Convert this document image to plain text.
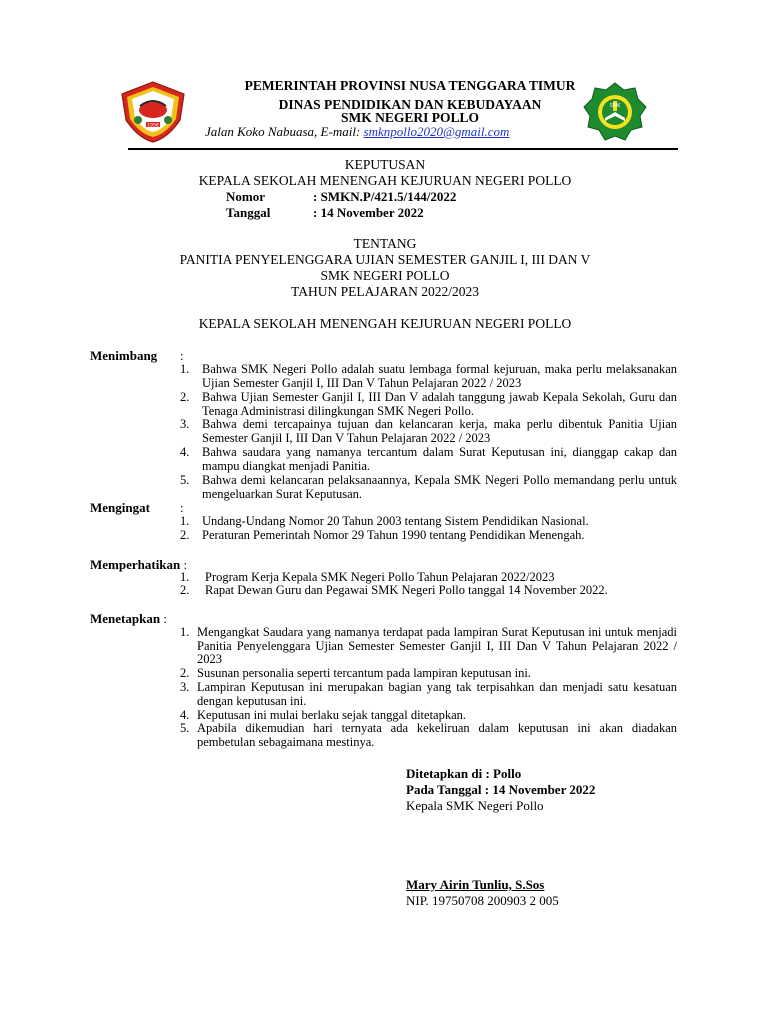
1958
SMK
PEMERINTAH PROVINSI NUSA TENGGARA TIMUR
DINAS PENDIDIKAN DAN KEBUDAYAAN
SMK NEGERI POLLO
Jalan Koko Nabuasa, E-mail: smknpollo2020@gmail.com
KEPUTUSAN
KEPALA SEKOLAH MENENGAH KEJURUAN NEGERI POLLO
Nomor	: SMKN.P/421.5/144/2022
Tanggal	: 14 November 2022
TENTANG
PANITIA PENYELENGGARA UJIAN SEMESTER GANJIL I, III DAN V
SMK NEGERI POLLO
TAHUN PELAJARAN 2022/2023
KEPALA SEKOLAH MENENGAH KEJURUAN NEGERI POLLO
Menimbang :
1. Bahwa SMK Negeri Pollo adalah suatu lembaga formal kejuruan, maka perlu melaksanakan Ujian Semester Ganjil I, III Dan V Tahun Pelajaran 2022 / 2023
2. Bahwa Ujian Semester Ganjil I, III Dan V adalah tanggung jawab Kepala Sekolah, Guru dan Tenaga Administrasi dilingkungan SMK Negeri Pollo.
3. Bahwa demi tercapainya tujuan dan kelancaran kerja, maka perlu dibentuk Panitia Ujian Semester Ganjil I, III Dan V Tahun Pelajaran 2022 / 2023
4. Bahwa saudara yang namanya tercantum dalam Surat Keputusan ini, dianggap cakap dan mampu diangkat menjadi Panitia.
5. Bahwa demi kelancaran pelaksanaannya, Kepala SMK Negeri Pollo memandang perlu untuk mengeluarkan Surat Keputusan.
Mengingat :
1. Undang-Undang Nomor 20 Tahun 2003 tentang Sistem Pendidikan Nasional.
2. Peraturan Pemerintah Nomor 29 Tahun 1990 tentang Pendidikan Menengah.
Memperhatikan :
1. Program Kerja Kepala SMK Negeri Pollo Tahun Pelajaran 2022/2023
2. Rapat Dewan Guru dan Pegawai SMK Negeri Pollo tanggal 14 November 2022.
Menetapkan :
1. Mengangkat Saudara yang namanya terdapat pada lampiran Surat Keputusan ini untuk menjadi Panitia Penyelenggara Ujian Semester Semester Ganjil I, III Dan V Tahun Pelajaran 2022 / 2023
2. Susunan personalia seperti tercantum pada lampiran keputusan ini.
3. Lampiran Keputusan ini merupakan bagian yang tak terpisahkan dan menjadi satu kesatuan dengan keputusan ini.
4. Keputusan ini mulai berlaku sejak tanggal ditetapkan.
5. Apabila dikemudian hari ternyata ada kekeliruan dalam keputusan ini akan diadakan pembetulan sebagaimana mestinya.
Ditetapkan di : Pollo
Pada Tanggal : 14 November 2022
Kepala SMK Negeri Pollo
Mary Airin Tunliu, S.Sos
NIP. 19750708 200903 2 005
